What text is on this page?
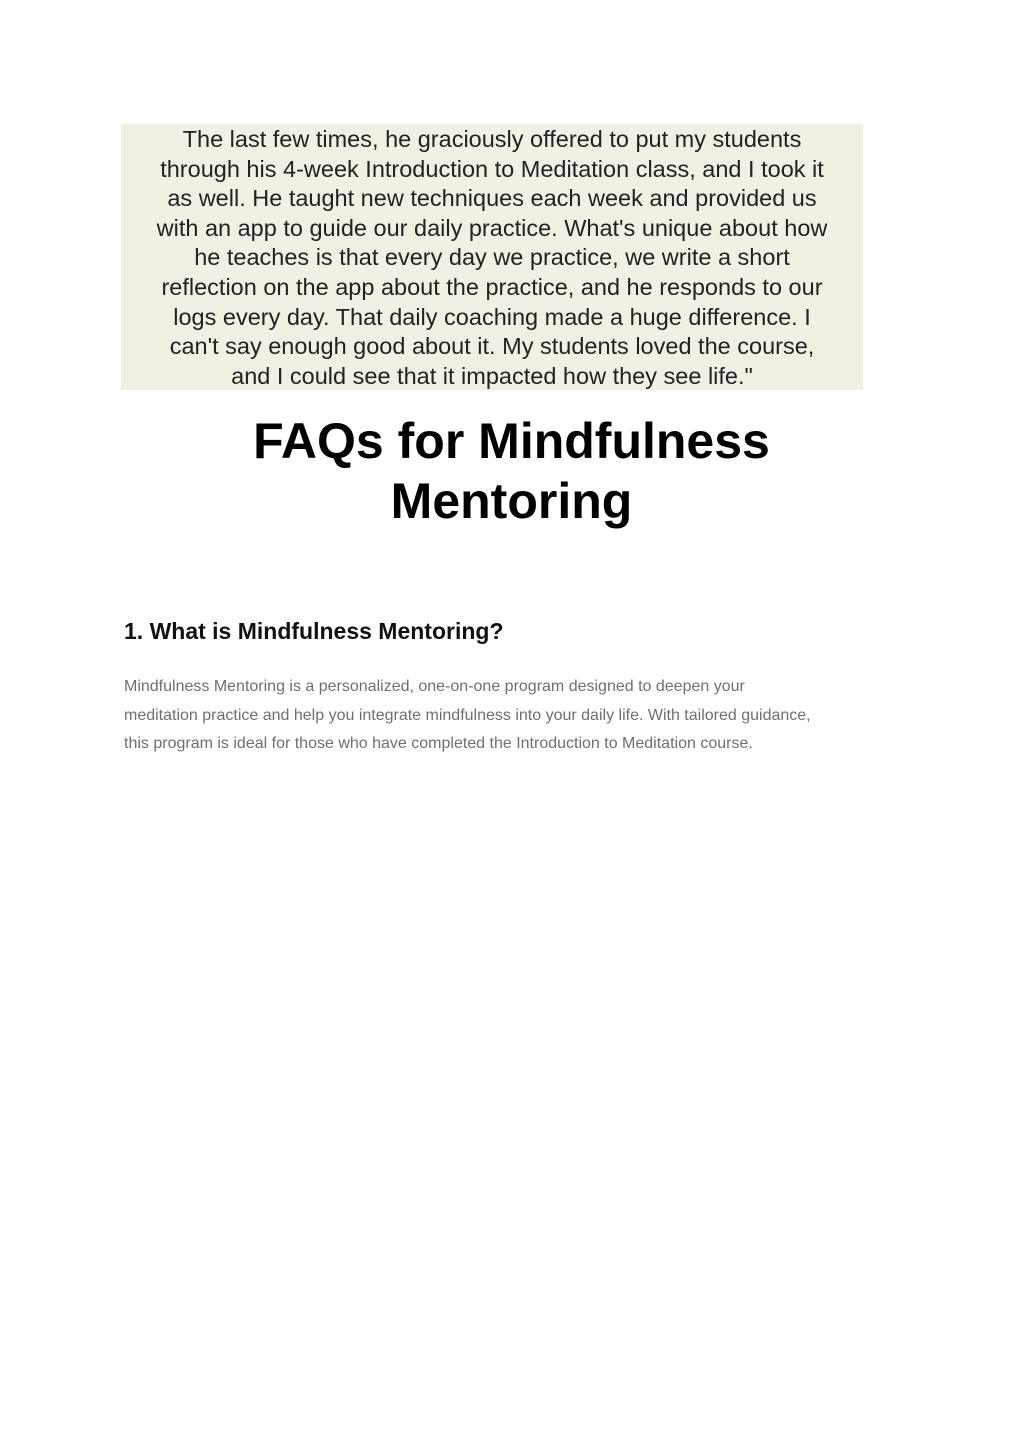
The last few times, he graciously offered to put my students
through his 4-week Introduction to Meditation class, and I took it
as well. He taught new techniques each week and provided us
with an app to guide our daily practice. What's unique about how
he teaches is that every day we practice, we write a short
reflection on the app about the practice, and he responds to our
logs every day. That daily coaching made a huge difference. I
can't say enough good about it. My students loved the course,
and I could see that it impacted how they see life."
FAQs for Mindfulness
Mentoring
1. What is Mindfulness Mentoring?

Mindfulness Mentoring is a personalized, one-on-one program designed to deepen your
meditation practice and help you integrate mindfulness into your daily life. With tailored guidance,
this program is ideal for those who have completed the Introduction to Meditation course.
